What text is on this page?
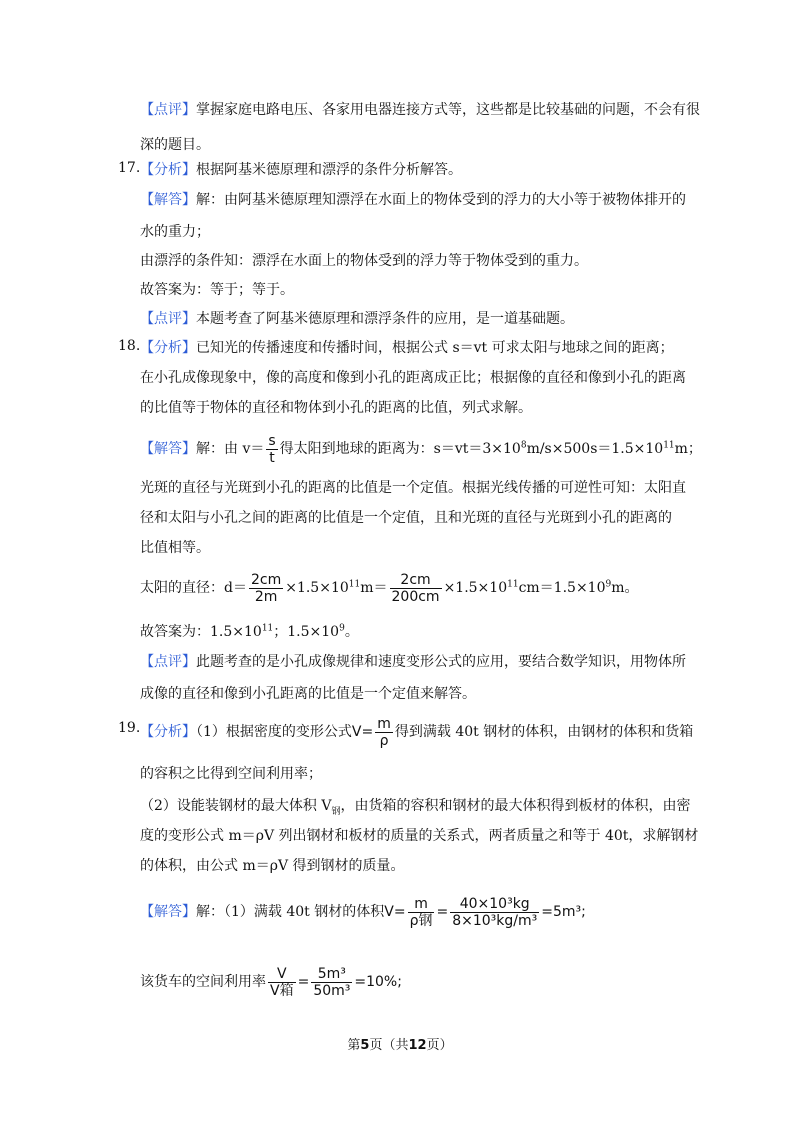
【点评】掌握家庭电路电压、各家用电器连接方式等，这些都是比较基础的问题，不会有很
深的题目。
17. 【分析】根据阿基米德原理和漂浮的条件分析解答。
【解答】解：由阿基米德原理知漂浮在水面上的物体受到的浮力的大小等于被物体排开的
水的重力；
由漂浮的条件知：漂浮在水面上的物体受到的浮力等于物体受到的重力。
故答案为：等于；等于。
【点评】本题考查了阿基米德原理和漂浮条件的应用，是一道基础题。
18. 【分析】已知光的传播速度和传播时间，根据公式 s＝vt 可求太阳与地球之间的距离；
在小孔成像现象中，像的高度和像到小孔的距离成正比；根据像的直径和像到小孔的距离
的比值等于物体的直径和物体到小孔的距离的比值，列式求解。
【解答】解：由 $v= \frac{s}{t}$ 得太阳到地球的距离为：$s=vt=3\times 10^8m/s\times 500s=1.5\times 10^{11}m$；
光斑的直径与光斑到小孔的距离的比值是一个定值。根据光线传播的可逆性可知：太阳直
径和太阳与小孔之间的距离的比值是一个定值，且和光斑的直径与光斑到小孔的距离的
比值相等。
太阳的直径：$d= \frac{2cm}{2m} \times 1.5\times 10^{11}m= \frac{2cm}{200cm} \times 1.5\times 10^{11}cm=1.5\times 10^9m$。
故答案为：$1.5\times 10^{11}$；$1.5\times 10^9$。
【点评】此题考查的是小孔成像规律和速度变形公式的应用，要结合数学知识，用物体所
成像的直径和像到小孔距离的比值是一个定值来解答。
19. 【分析】（1）根据密度的变形公式$V= \frac{m}{\rho}$ 得到满载 40t 钢材的体积，由钢材的体积和货箱
的容积之比得到空间利用率；
（2）设能装钢材的最大体积 $V_钢$，由货箱的容积和钢材的最大体积得到板材的体积，由密
度的变形公式 m＝ρV 列出钢材和板材的质量的关系式，两者质量之和等于 40t，求解钢材
的体积，由公式 m＝ρV 得到钢材的质量。
【解答】解：（1）满载 40t 钢材的体积$V= \frac{m}{\text{ρ钢}} = \frac{\text{40×10³kg}}{\text{8×10³kg/m³}} =5m^3$;
该货车的空间利用率 $\frac{V}{\text{V箱}} = \frac{\text{5m³}}{\text{50m³}} =10\%$;
第5页（共12页）
